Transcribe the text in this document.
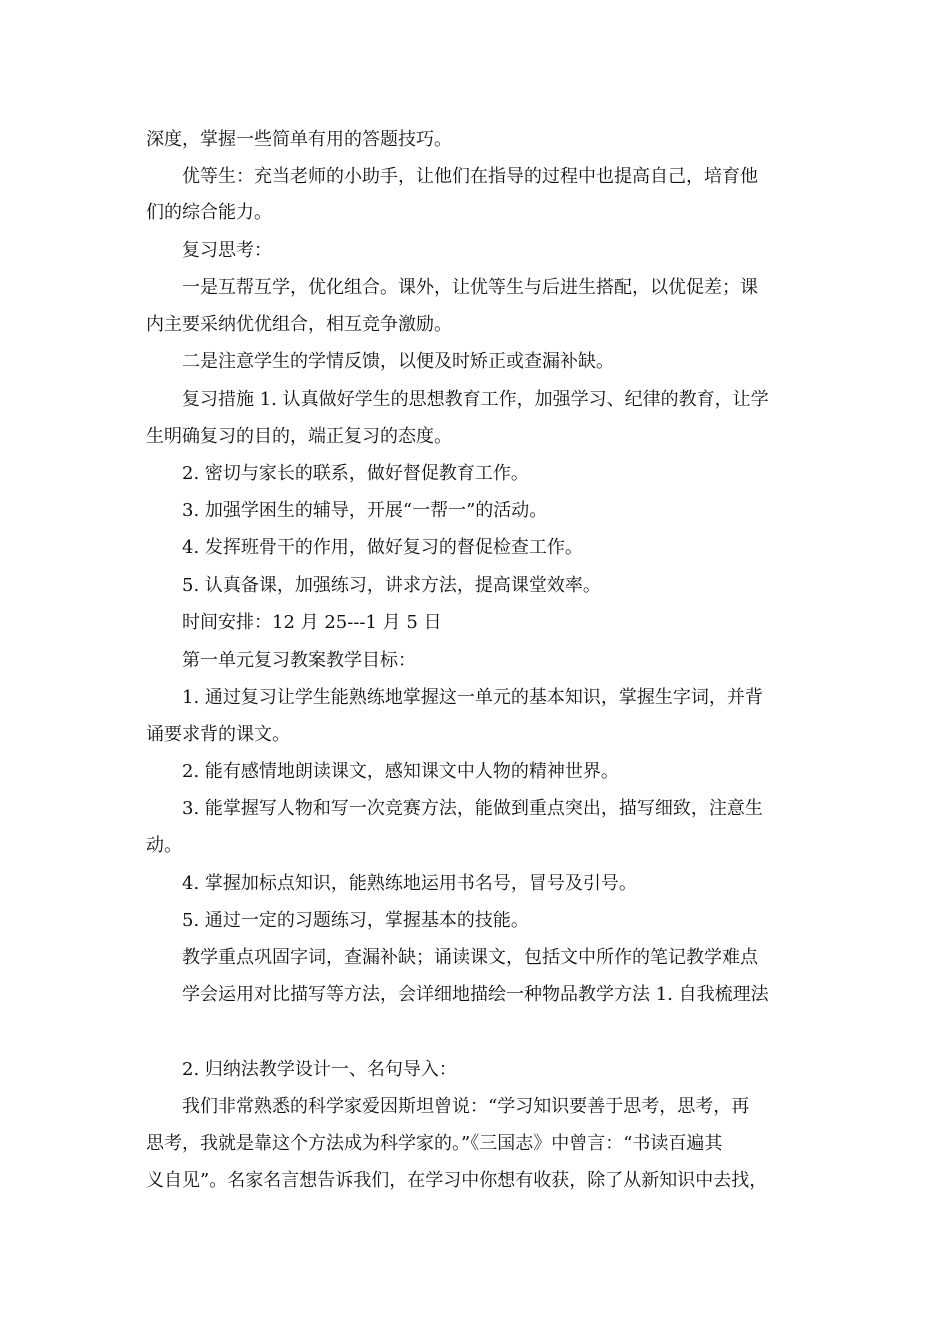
深度，掌握一些简单有用的答题技巧。
优等生：充当老师的小助手，让他们在指导的过程中也提高自己，培育他
们的综合能力。
复习思考：
一是互帮互学，优化组合。课外，让优等生与后进生搭配，以优促差；课
内主要采纳优优组合，相互竞争激励。
二是注意学生的学情反馈，以便及时矫正或查漏补缺。
复习措施 1. 认真做好学生的思想教育工作，加强学习、纪律的教育，让学
生明确复习的目的，端正复习的态度。
2. 密切与家长的联系，做好督促教育工作。
3. 加强学困生的辅导，开展“一帮一”的活动。
4. 发挥班骨干的作用，做好复习的督促检查工作。
5. 认真备课，加强练习，讲求方法，提高课堂效率。
时间安排：12 月 25---1 月 5 日
第一单元复习教案教学目标：
1. 通过复习让学生能熟练地掌握这一单元的基本知识，掌握生字词，并背
诵要求背的课文。
2. 能有感情地朗读课文，感知课文中人物的精神世界。
3. 能掌握写人物和写一次竞赛方法，能做到重点突出，描写细致，注意生
动。
4. 掌握加标点知识，能熟练地运用书名号，冒号及引号。
5. 通过一定的习题练习，掌握基本的技能。
教学重点巩固字词，查漏补缺；诵读课文，包括文中所作的笔记教学难点
学会运用对比描写等方法，会详细地描绘一种物品教学方法 1. 自我梳理法
2. 归纳法教学设计一、名句导入：
我们非常熟悉的科学家爱因斯坦曾说：“学习知识要善于思考，思考，再
思考，我就是靠这个方法成为科学家的。”《三国志》中曾言：“书读百遍其
义自见”。名家名言想告诉我们，在学习中你想有收获，除了从新知识中去找，
